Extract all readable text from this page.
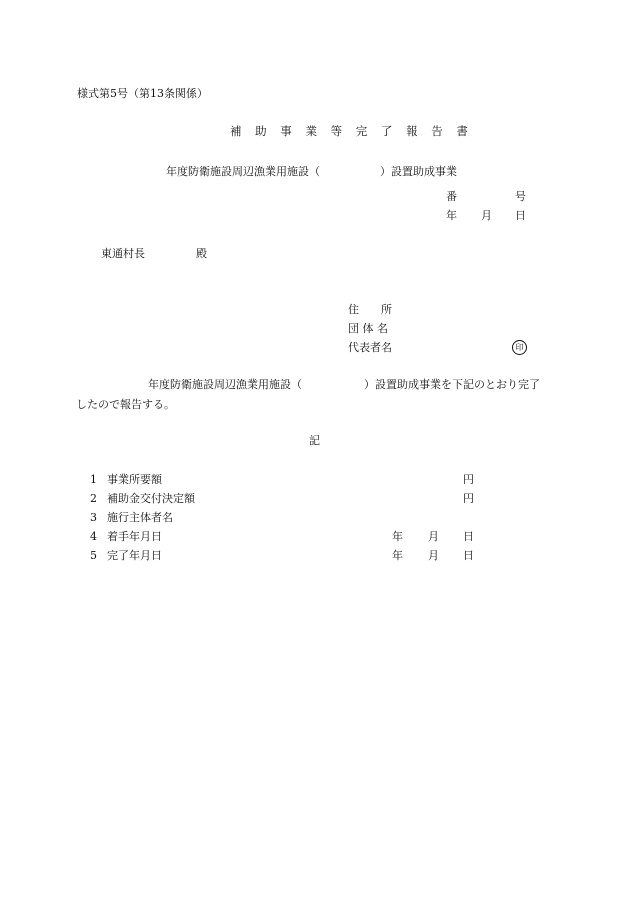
様式第5号（第13条関係）
補 助 事 業 等 完 了 報 告 書
年度防衛施設周辺漁業用施設（	）設置助成事業
番	号
年 月 日
東通村長	殿
住　　所
団 体 名
代表者名	印
年度防衛施設周辺漁業用施設（	）設置助成事業を下記のとおり完了
したので報告する。
記
1 事業所要額	円
2 補助金交付決定額	円
3 施行主体者名
4 着手年月日	年 月 日
5 完了年月日	年 月 日
